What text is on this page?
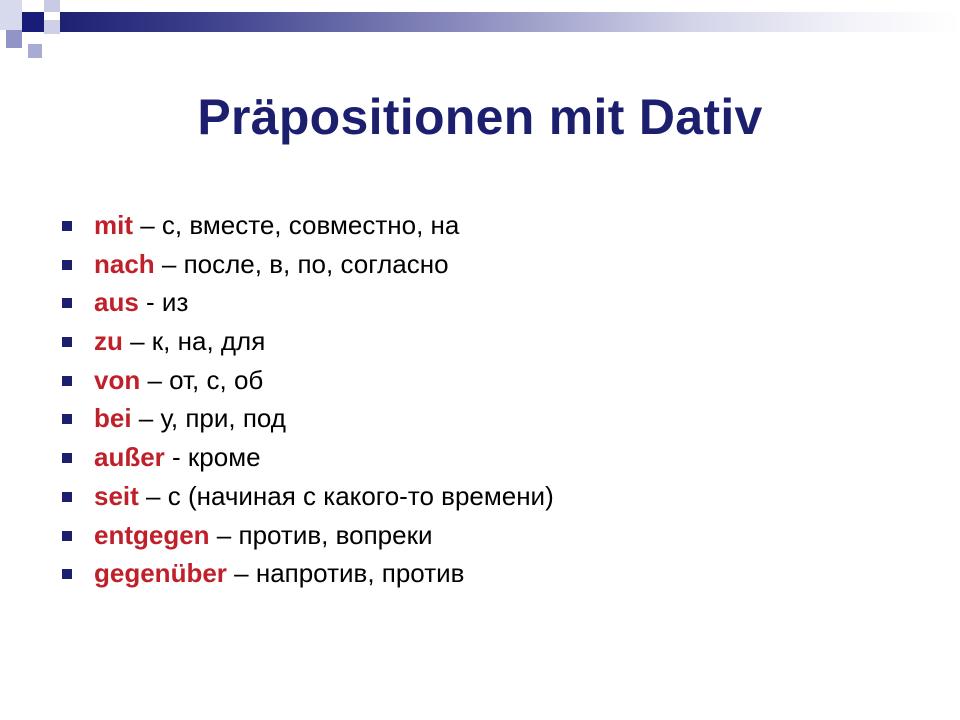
Präpositionen mit Dativ
mit – с, вместе, совместно, на
nach – после, в, по, согласно
aus - из
zu – к, на, для
von – от, с, об
bei – у, при, под
außer - кроме
seit – с (начиная с какого-то времени)
entgegen – против, вопреки
gegenüber – напротив, против
